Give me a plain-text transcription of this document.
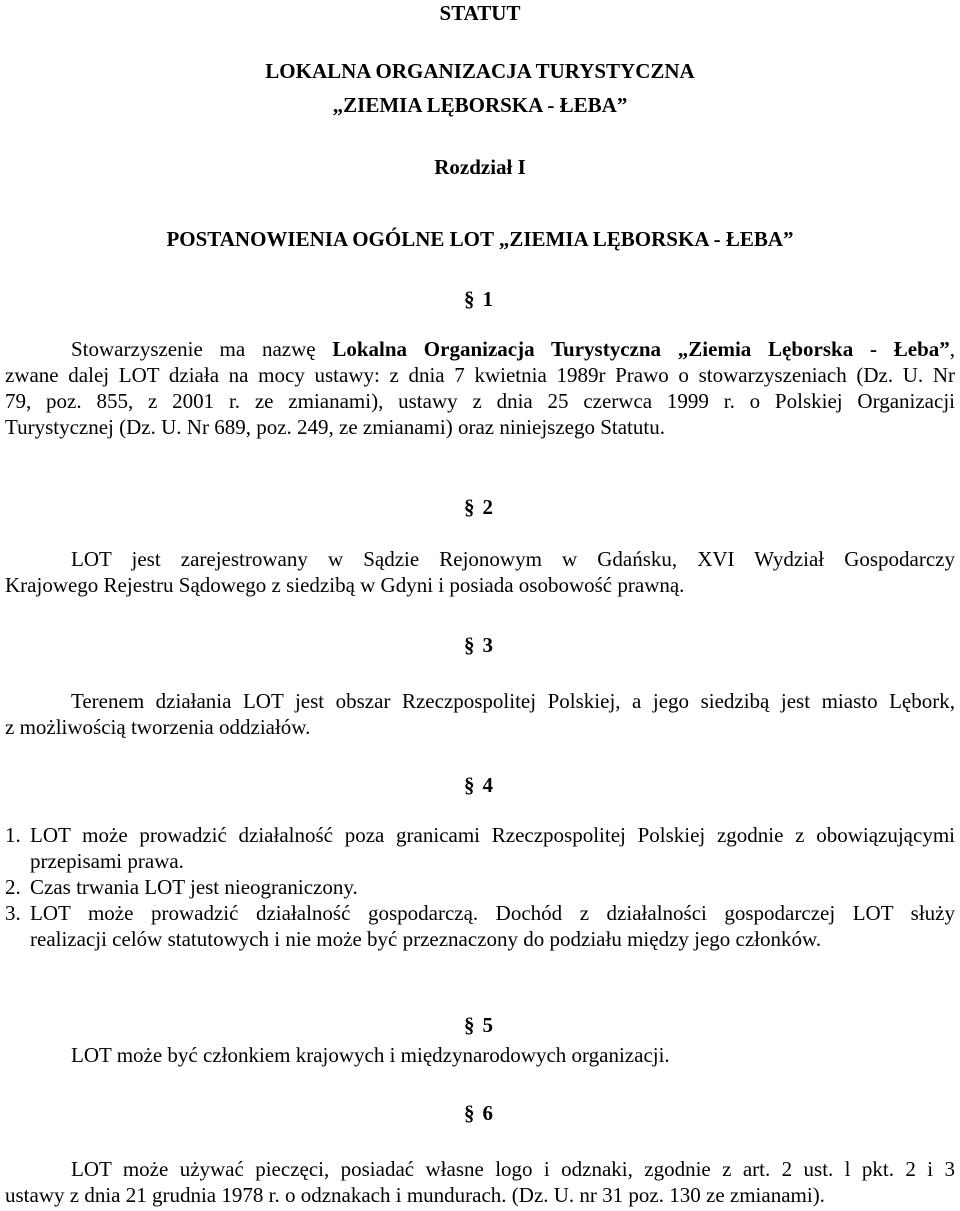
STATUT
LOKALNA ORGANIZACJA TURYSTYCZNA
„ZIEMIA LĘBORSKA - ŁEBA”
Rozdział I
POSTANOWIENIA OGÓLNE LOT „ZIEMIA LĘBORSKA - ŁEBA”
§ 1
Stowarzyszenie ma nazwę Lokalna Organizacja Turystyczna „Ziemia Lęborska - Łeba”,
zwane dalej LOT działa na mocy ustawy: z dnia 7 kwietnia 1989r Prawo o stowarzyszeniach (Dz. U. Nr
79, poz. 855, z 2001 r. ze zmianami), ustawy z dnia 25 czerwca 1999 r. o Polskiej Organizacji
Turystycznej (Dz. U. Nr 689, poz. 249, ze zmianami) oraz niniejszego Statutu.
§ 2
LOT jest zarejestrowany w Sądzie Rejonowym w Gdańsku, XVI Wydział Gospodarczy
Krajowego Rejestru Sądowego z siedzibą w Gdyni i posiada osobowość prawną.
§ 3
Terenem działania LOT jest obszar Rzeczpospolitej Polskiej, a jego siedzibą jest miasto Lębork,
z możliwością tworzenia oddziałów.
§ 4
1. LOT może prowadzić działalność poza granicami Rzeczpospolitej Polskiej zgodnie z obowiązującymi
przepisami prawa.
2. Czas trwania LOT jest nieograniczony.
3. LOT może prowadzić działalność gospodarczą. Dochód z działalności gospodarczej LOT służy
realizacji celów statutowych i nie może być przeznaczony do podziału między jego członków.
§ 5
LOT może być członkiem krajowych i międzynarodowych organizacji.
§ 6
LOT może używać pieczęci, posiadać własne logo i odznaki, zgodnie z art. 2 ust. l pkt. 2 i 3
ustawy z dnia 21 grudnia 1978 r. o odznakach i mundurach. (Dz. U. nr 31 poz. 130 ze zmianami).
